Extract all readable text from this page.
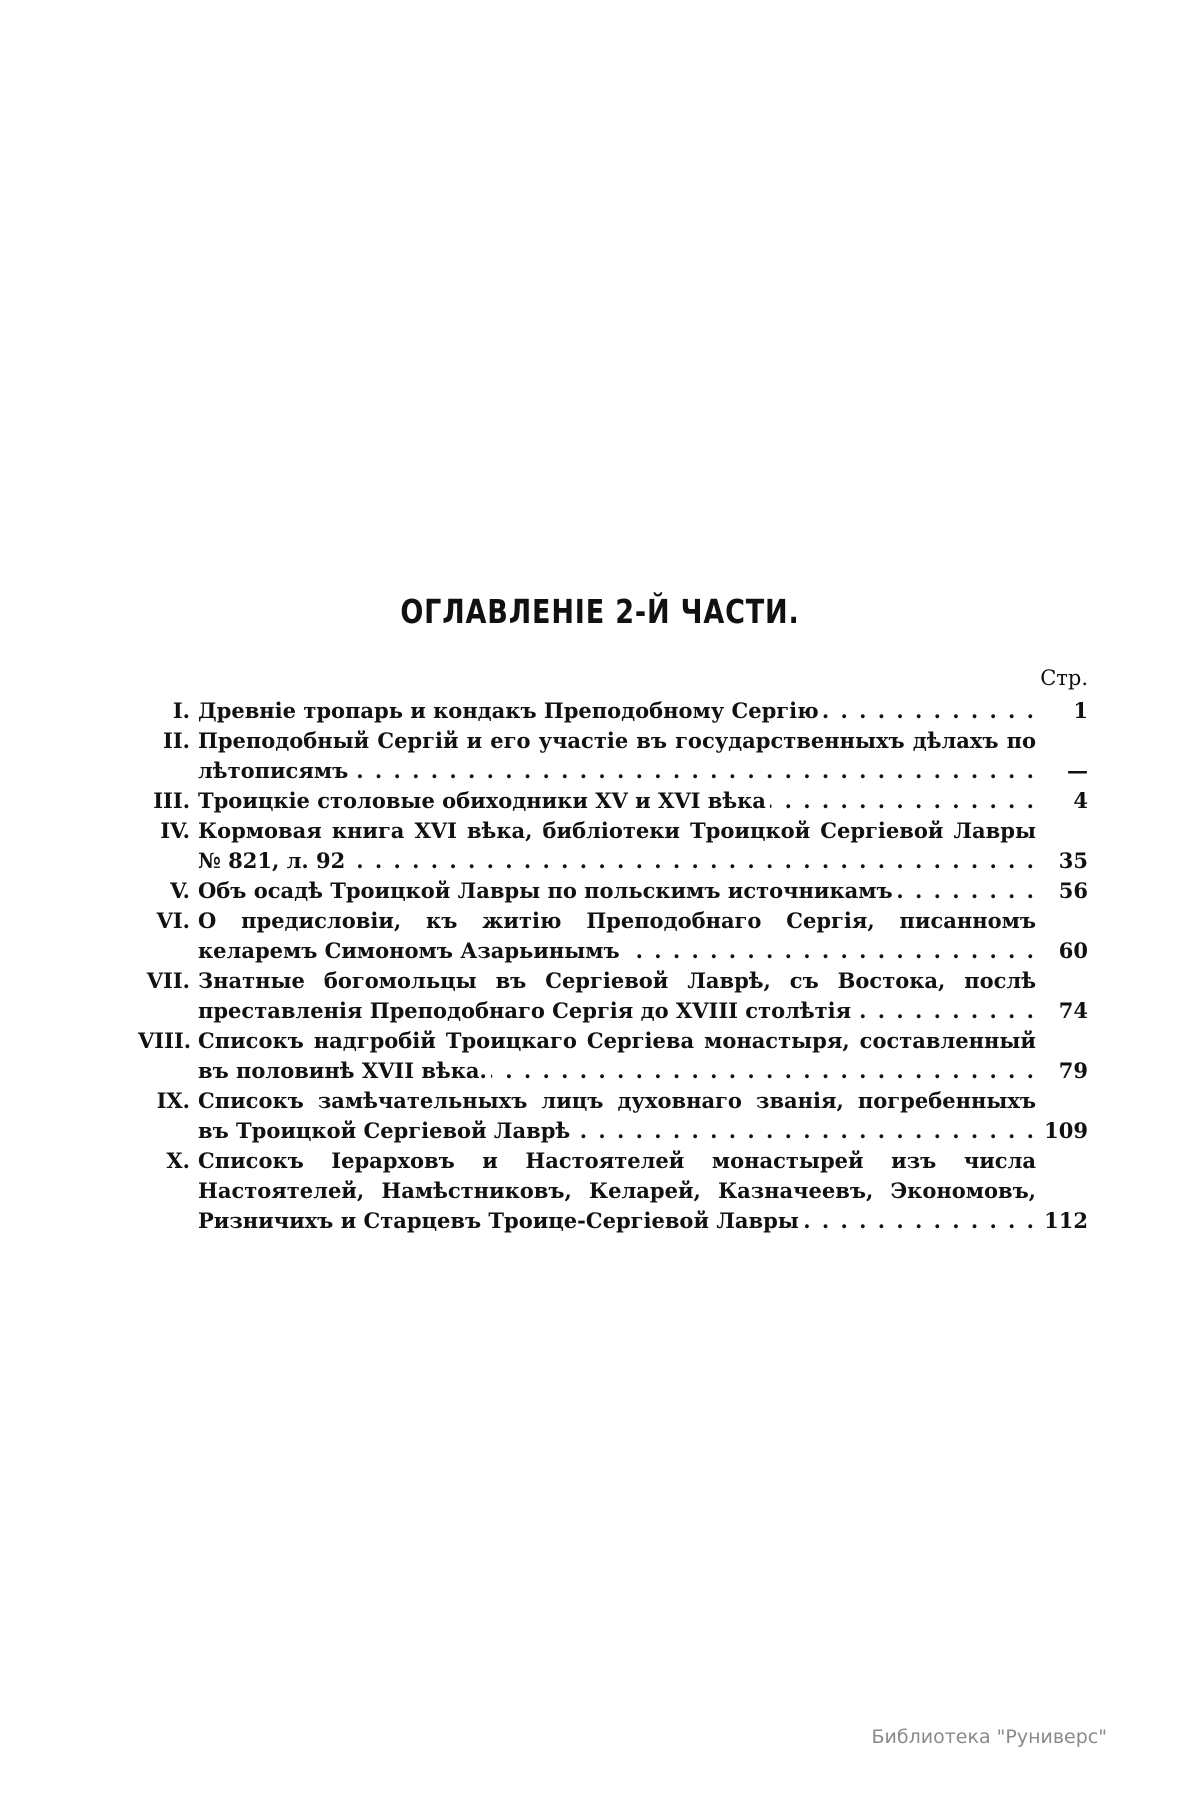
ОГЛАВЛЕНІЕ 2-Й ЧАСТИ.
Стр.
I. Древніе тропарь и кондакъ Преподобному Сергію . . .	1
II. Преподобный Сергій и его участіе въ государственныхъ дѣлахъ по лѣтописямъ . . .	—
III. Троицкіе столовые обиходники XV и XVI вѣка . . .	4
IV. Кормовая книга XVI вѣка, библіотеки Троицкой Сергіевой Лавры № 821, л. 92 . . .	35
V. Объ осадѣ Троицкой Лавры по польскимъ источникамъ . . .	56
VI. О предисловіи, къ житію Преподобнаго Сергія, писанномъ келаремъ Симономъ Азарьинымъ . . .	60
VII. Знатные богомольцы въ Сергіевой Лаврѣ, съ Востока, послѣ преставленія Преподобнаго Сергія до XVIII столѣтія . . .	74
VIII. Списокъ надгробій Троицкаго Сергіева монастыря, составленный въ половинѣ XVII вѣка. . . .	79
IX. Списокъ замѣчательныхъ лицъ духовнаго званія, погребенныхъ въ Троицкой Сергіевой Лаврѣ . . .	109
X. Списокъ Іерарховъ и Настоятелей монастырей изъ числа Настоятелей, Намѣстниковъ, Келарей, Казначеевъ, Экономовъ, Ризничихъ и Старцевъ Троице-Сергіевой Лавры . . .	112
Библиотека "Руниверс"
